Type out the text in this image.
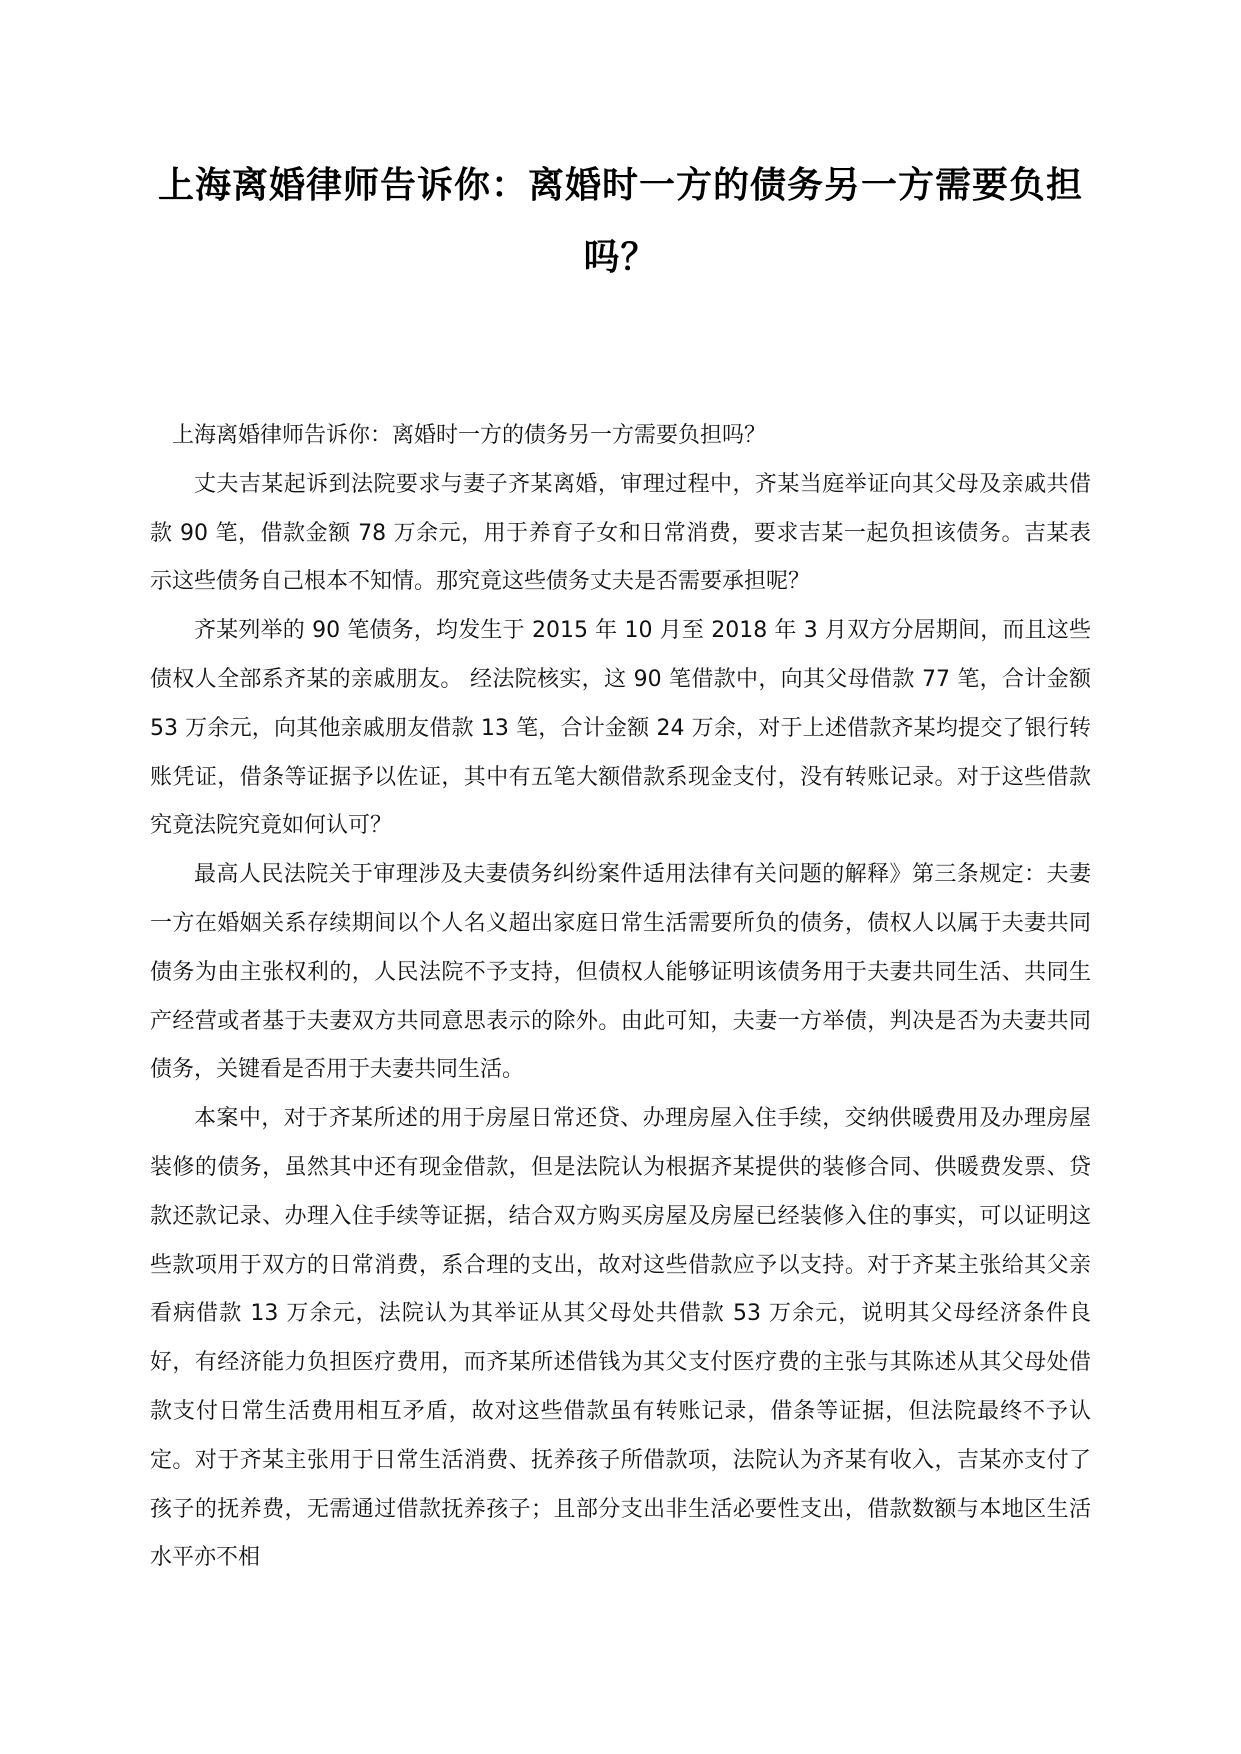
上海离婚律师告诉你：离婚时一方的债务另一方需要负担吗？

上海离婚律师告诉你：离婚时一方的债务另一方需要负担吗？

丈夫吉某起诉到法院要求与妻子齐某离婚，审理过程中，齐某当庭举证向其父母及亲戚共借款 90 笔，借款金额 78 万余元，用于养育子女和日常消费，要求吉某一起负担该债务。吉某表示这些债务自己根本不知情。那究竟这些债务丈夫是否需要承担呢？

齐某列举的 90 笔债务，均发生于 2015 年 10 月至 2018 年 3 月双方分居期间，而且这些债权人全部系齐某的亲戚朋友。 经法院核实，这 90 笔借款中，向其父母借款 77 笔，合计金额 53 万余元，向其他亲戚朋友借款 13 笔，合计金额 24 万余，对于上述借款齐某均提交了银行转账凭证，借条等证据予以佐证，其中有五笔大额借款系现金支付，没有转账记录。对于这些借款究竟法院究竟如何认可？

最高人民法院关于审理涉及夫妻债务纠纷案件适用法律有关问题的解释》第三条规定：夫妻一方在婚姻关系存续期间以个人名义超出家庭日常生活需要所负的债务，债权人以属于夫妻共同债务为由主张权利的，人民法院不予支持，但债权人能够证明该债务用于夫妻共同生活、共同生产经营或者基于夫妻双方共同意思表示的除外。由此可知，夫妻一方举债，判决是否为夫妻共同债务，关键看是否用于夫妻共同生活。

本案中，对于齐某所述的用于房屋日常还贷、办理房屋入住手续，交纳供暖费用及办理房屋装修的债务，虽然其中还有现金借款，但是法院认为根据齐某提供的装修合同、供暖费发票、贷款还款记录、办理入住手续等证据，结合双方购买房屋及房屋已经装修入住的事实，可以证明这些款项用于双方的日常消费，系合理的支出，故对这些借款应予以支持。对于齐某主张给其父亲看病借款 13 万余元，法院认为其举证从其父母处共借款 53 万余元，说明其父母经济条件良好，有经济能力负担医疗费用，而齐某所述借钱为其父支付医疗费的主张与其陈述从其父母处借款支付日常生活费用相互矛盾，故对这些借款虽有转账记录，借条等证据，但法院最终不予认定。对于齐某主张用于日常生活消费、抚养孩子所借款项，法院认为齐某有收入，吉某亦支付了孩子的抚养费，无需通过借款抚养孩子；且部分支出非生活必要性支出，借款数额与本地区生活水平亦不相
